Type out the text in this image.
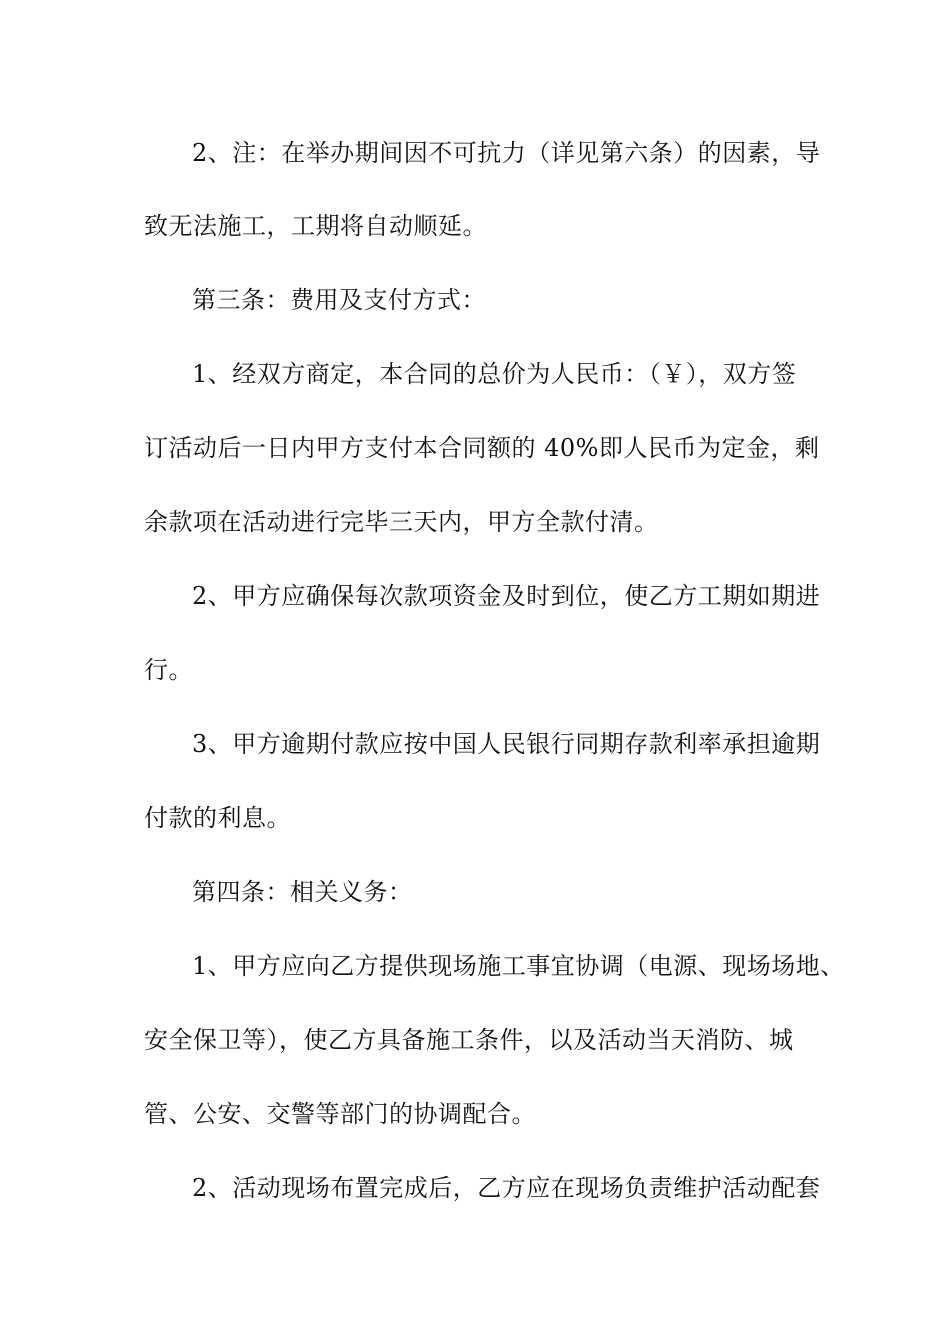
2、注：在举办期间因不可抗力（详见第六条）的因素，导
致无法施工，工期将自动顺延。
第三条：费用及支付方式：
1、经双方商定，本合同的总价为人民币：（￥），双方签
订活动后一日内甲方支付本合同额的 40%即人民币为定金，剩
余款项在活动进行完毕三天内，甲方全款付清。
2、甲方应确保每次款项资金及时到位，使乙方工期如期进
行。
3、甲方逾期付款应按中国人民银行同期存款利率承担逾期
付款的利息。
第四条：相关义务：
1、甲方应向乙方提供现场施工事宜协调（电源、现场场地、
安全保卫等），使乙方具备施工条件，以及活动当天消防、城
管、公安、交警等部门的协调配合。
2、活动现场布置完成后，乙方应在现场负责维护活动配套
